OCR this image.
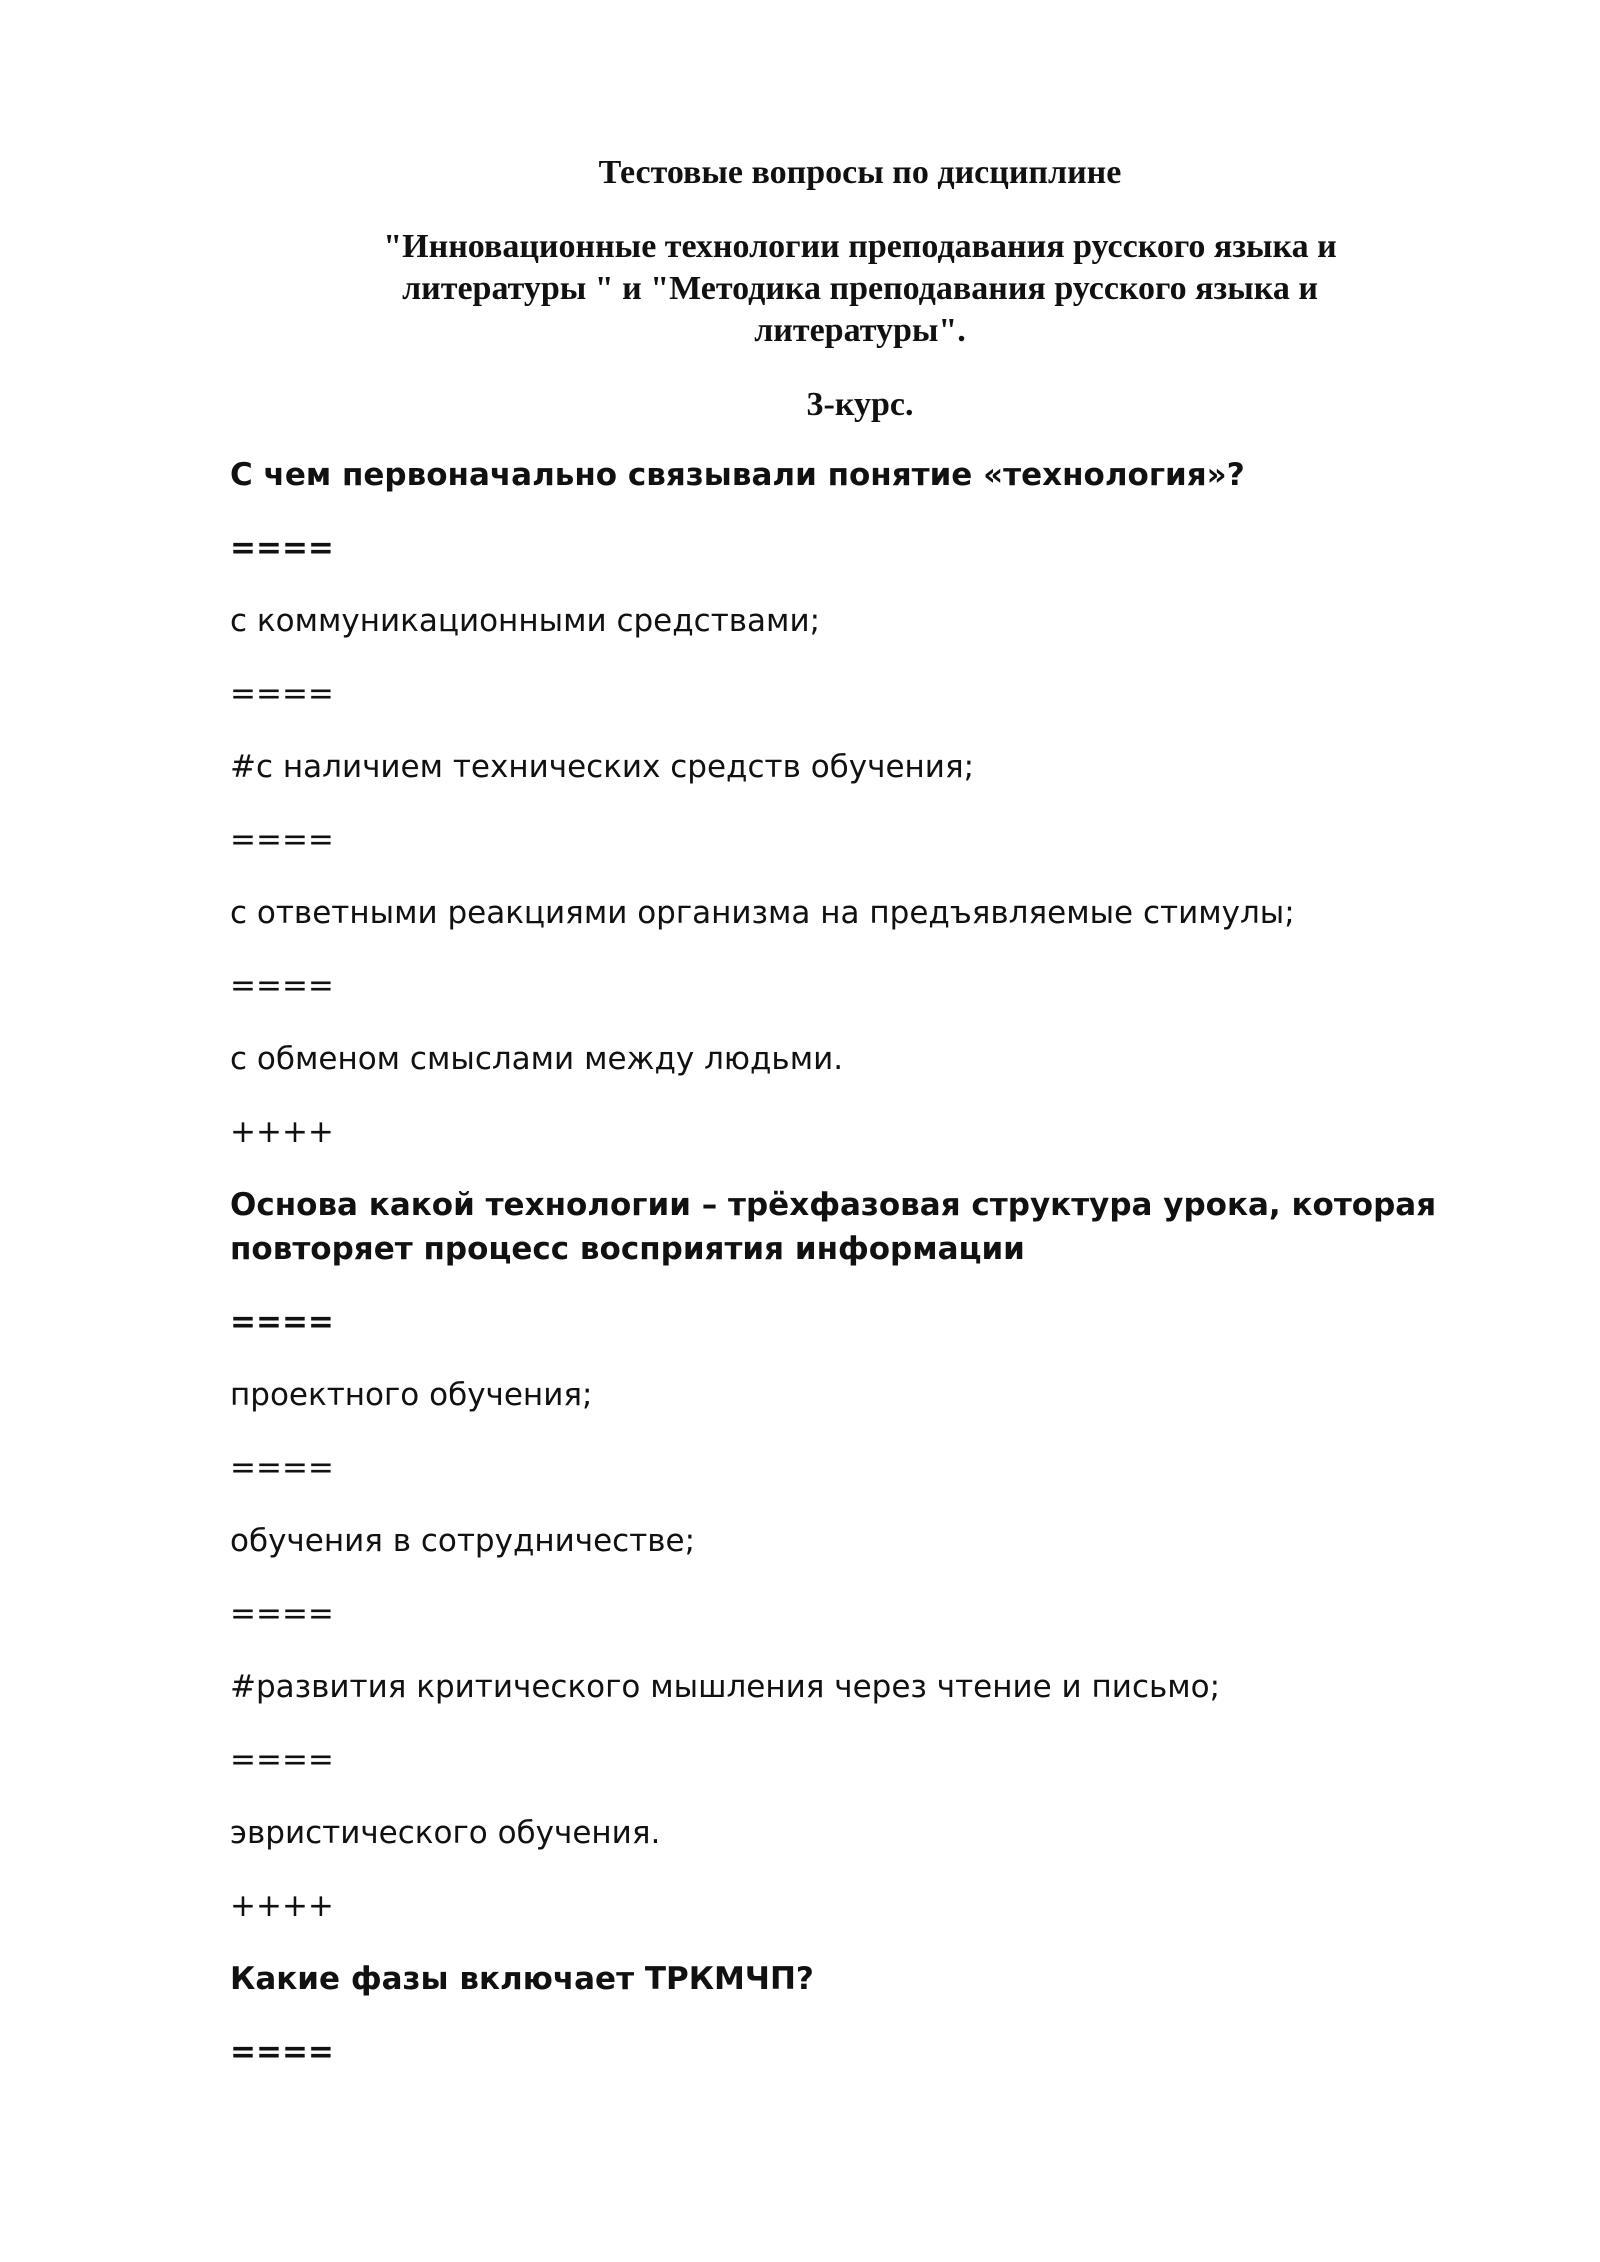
Тестовые вопросы по дисциплине

"Инновационные технологии преподавания русского языка и

литературы " и "Методика преподавания русского языка и

литературы".

3-курс.

С чем первоначально связывали понятие «технология»?

====

с коммуникационными средствами;

====

#с наличием технических средств обучения;

====

с ответными реакциями организма на предъявляемые стимулы;

====

с обменом смыслами между людьми.

++++

Основа какой технологии – трёхфазовая структура урока, которая

повторяет процесс восприятия информации

====

проектного обучения;

====

обучения в сотрудничестве;

====

#развития критического мышления через чтение и письмо;

====

эвристического обучения.

++++

Какие фазы включает ТРКМЧП?

====
